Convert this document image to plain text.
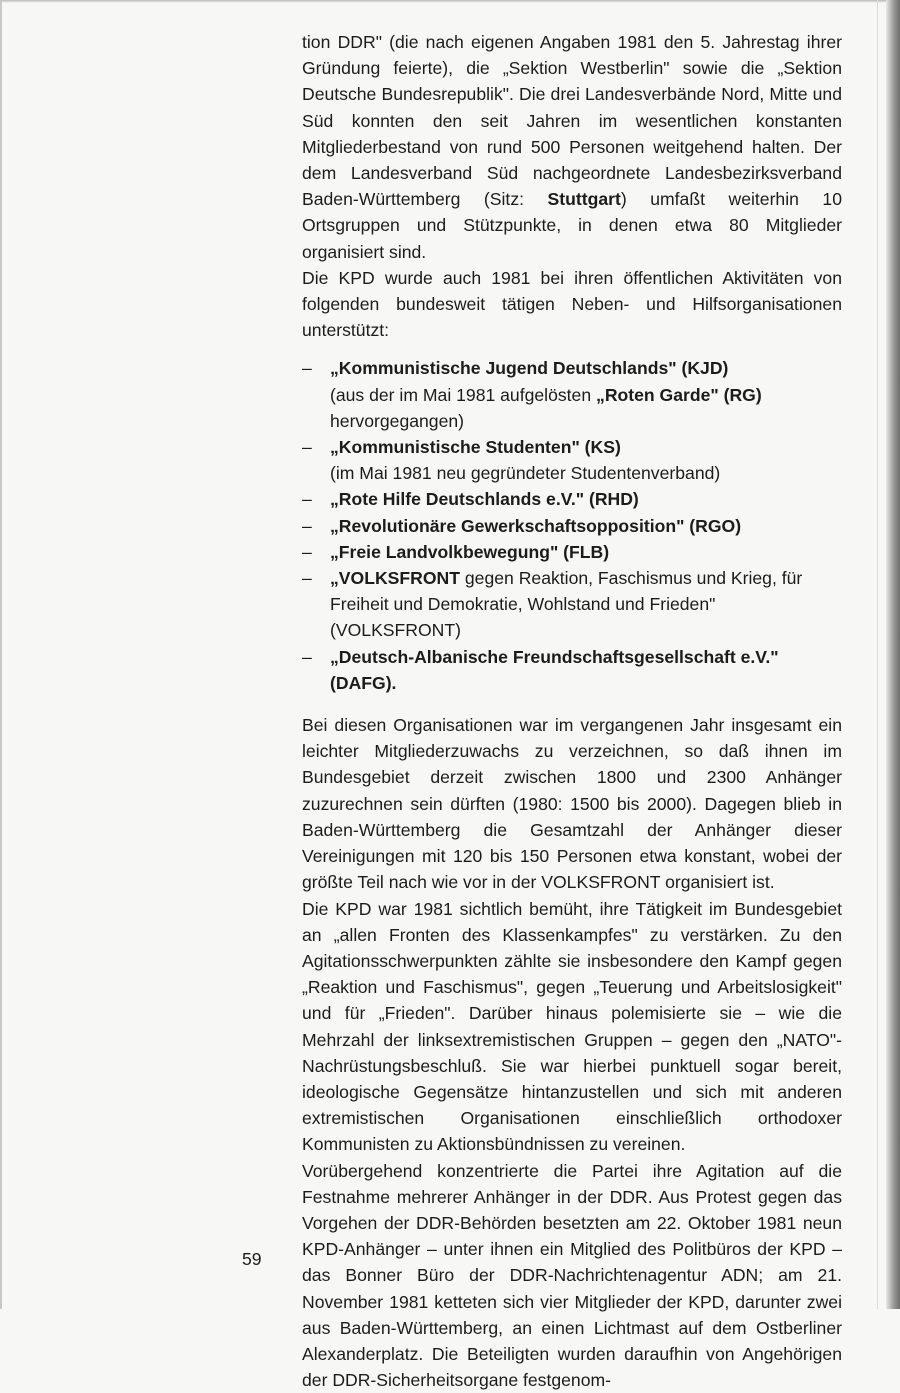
tion DDR" (die nach eigenen Angaben 1981 den 5. Jahrestag ihrer Gründung feierte), die „Sektion Westberlin" sowie die „Sektion Deutsche Bundesrepublik". Die drei Landesverbände Nord, Mitte und Süd konnten den seit Jahren im wesentlichen konstanten Mitgliederbestand von rund 500 Personen weitgehend halten. Der dem Landesverband Süd nachgeordnete Landesbezirksverband Baden-Württemberg (Sitz: Stuttgart) umfaßt weiterhin 10 Ortsgruppen und Stützpunkte, in denen etwa 80 Mitglieder organisiert sind.

Die KPD wurde auch 1981 bei ihren öffentlichen Aktivitäten von folgenden bundesweit tätigen Neben- und Hilfsorganisationen unterstützt:

– „Kommunistische Jugend Deutschlands" (KJD)
(aus der im Mai 1981 aufgelösten „Roten Garde" (RG) hervorgegangen)
– „Kommunistische Studenten" (KS)
(im Mai 1981 neu gegründeter Studentenverband)
– „Rote Hilfe Deutschlands e.V." (RHD)
– „Revolutionäre Gewerkschaftsopposition" (RGO)
– „Freie Landvolkbewegung" (FLB)
– „VOLKSFRONT gegen Reaktion, Faschismus und Krieg, für Freiheit und Demokratie, Wohlstand und Frieden" (VOLKSFRONT)
– „Deutsch-Albanische Freundschaftsgesellschaft e.V." (DAFG).

Bei diesen Organisationen war im vergangenen Jahr insgesamt ein leichter Mitgliederzuwachs zu verzeichnen, so daß ihnen im Bundesgebiet derzeit zwischen 1800 und 2300 Anhänger zuzurechnen sein dürften (1980: 1500 bis 2000). Dagegen blieb in Baden-Württemberg die Gesamtzahl der Anhänger dieser Vereinigungen mit 120 bis 150 Personen etwa konstant, wobei der größte Teil nach wie vor in der VOLKSFRONT organisiert ist.

Die KPD war 1981 sichtlich bemüht, ihre Tätigkeit im Bundesgebiet an „allen Fronten des Klassenkampfes" zu verstärken. Zu den Agitationsschwerpunkten zählte sie insbesondere den Kampf gegen „Reaktion und Faschismus", gegen „Teuerung und Arbeitslosigkeit" und für „Frieden". Darüber hinaus polemisierte sie – wie die Mehrzahl der linksextremistischen Gruppen – gegen den „NATO"-Nachrüstungsbeschluß. Sie war hierbei punktuell sogar bereit, ideologische Gegensätze hintanzustellen und sich mit anderen extremistischen Organisationen einschließlich orthodoxer Kommunisten zu Aktionsbündnissen zu vereinen.

Vorübergehend konzentrierte die Partei ihre Agitation auf die Festnahme mehrerer Anhänger in der DDR. Aus Protest gegen das Vorgehen der DDR-Behörden besetzten am 22. Oktober 1981 neun KPD-Anhänger – unter ihnen ein Mitglied des Politbüros der KPD – das Bonner Büro der DDR-Nachrichtenagentur ADN; am 21. November 1981 ketteten sich vier Mitglieder der KPD, darunter zwei aus Baden-Württemberg, an einen Lichtmast auf dem Ostberliner Alexanderplatz. Die Beteiligten wurden daraufhin von Angehörigen der DDR-Sicherheitsorgane festgenom-

59
